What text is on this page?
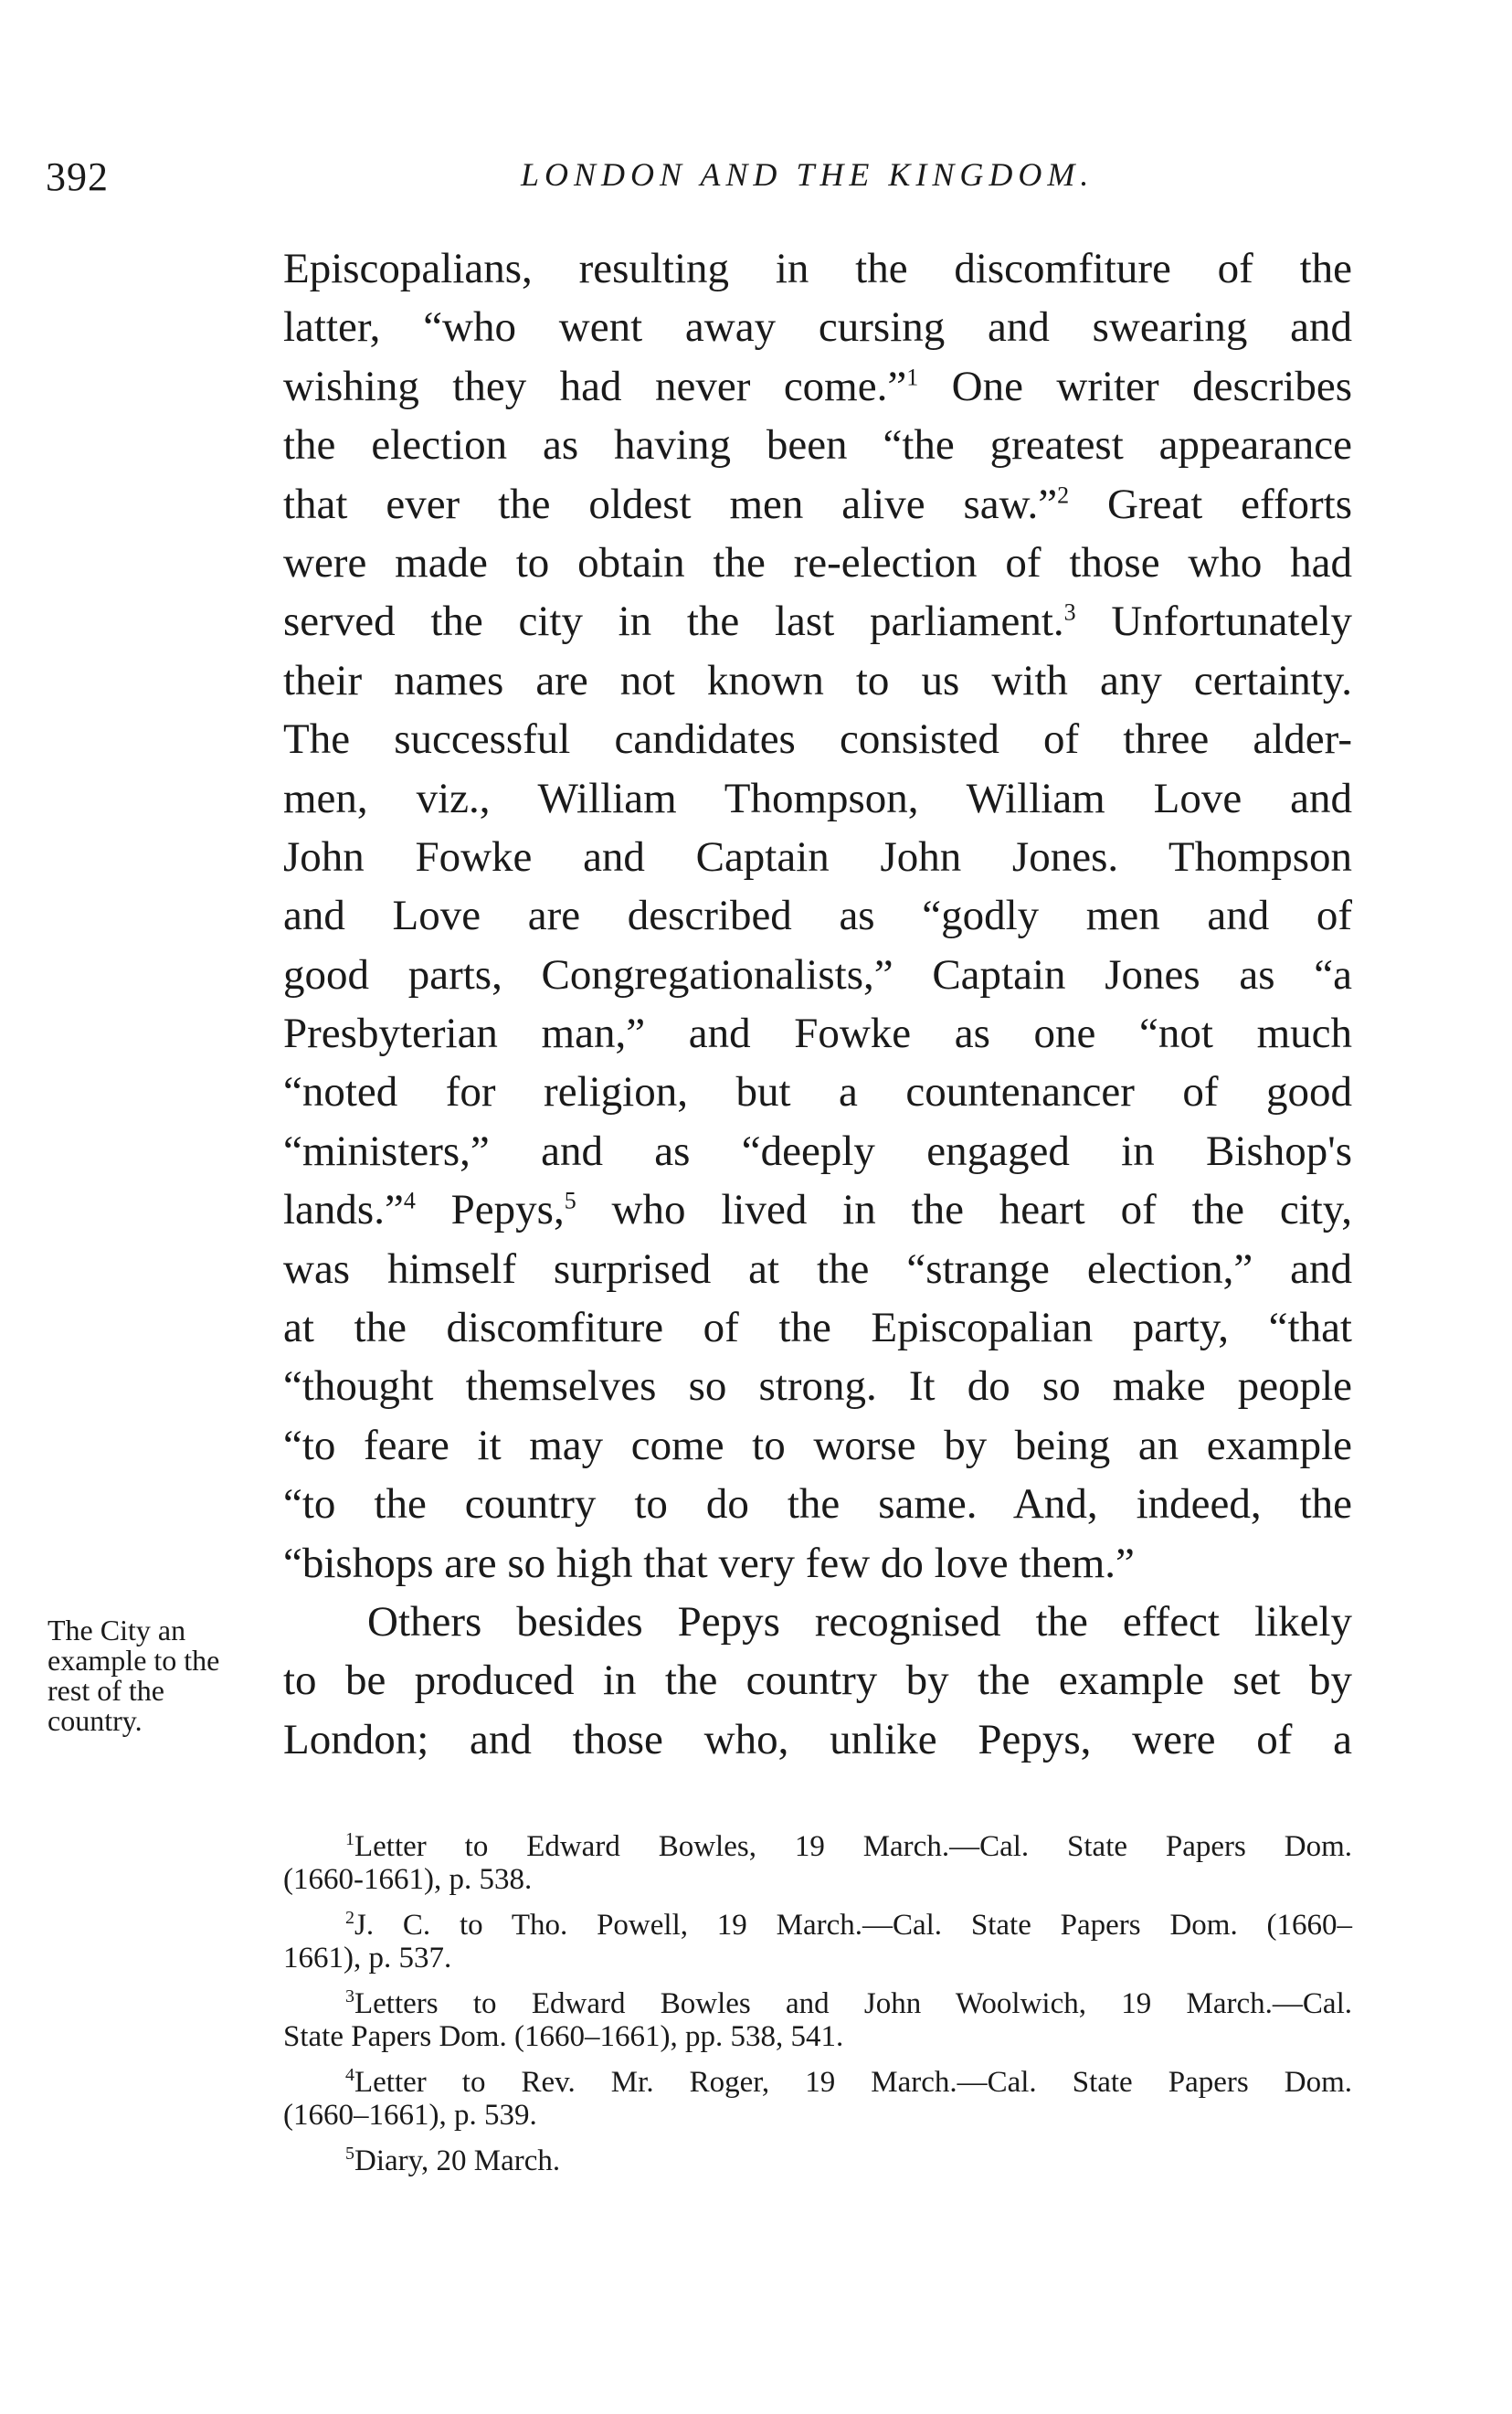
392	LONDON AND THE KINGDOM.
Episcopalians, resulting in the discomfiture of the
latter, “who went away cursing and swearing and
wishing they had never come.”$^1$ One writer describes
the election as having been “the greatest appearance
that ever the oldest men alive saw.”$^2$ Great efforts
were made to obtain the re-election of those who had
served the city in the last parliament.$^3$ Unfortunately
their names are not known to us with any certainty.
The successful candidates consisted of three alder-
men, viz., William Thompson, William Love and
John Fowke and Captain John Jones. Thompson
and Love are described as “godly men and of
good parts, Congregationalists,” Captain Jones as “a
Presbyterian man,” and Fowke as one “not much
“noted for religion, but a countenancer of good
“ministers,” and as “deeply engaged in Bishop's
lands.”$^4$ Pepys,$^5$ who lived in the heart of the city,
was himself surprised at the “strange election,” and
at the discomfiture of the Episcopalian party, “that
“thought themselves so strong. It do so make people
“to feare it may come to worse by being an example
“to the country to do the same. And, indeed, the
“bishops are so high that very few do love them.”
Others besides Pepys recognised the effect likely
to be produced in the country by the example set by
London; and those who, unlike Pepys, were of a
The City an example to the rest of the country.
$^1$Letter to Edward Bowles, 19 March.—Cal. State Papers Dom.
(1660-1661), p. 538.
$^2$J. C. to Tho. Powell, 19 March.—Cal. State Papers Dom. (1660–
1661), p. 537.
$^3$Letters to Edward Bowles and John Woolwich, 19 March.—Cal.
State Papers Dom. (1660–1661), pp. 538, 541.
$^4$Letter to Rev. Mr. Roger, 19 March.—Cal. State Papers Dom.
(1660–1661), p. 539.
$^5$Diary, 20 March.
